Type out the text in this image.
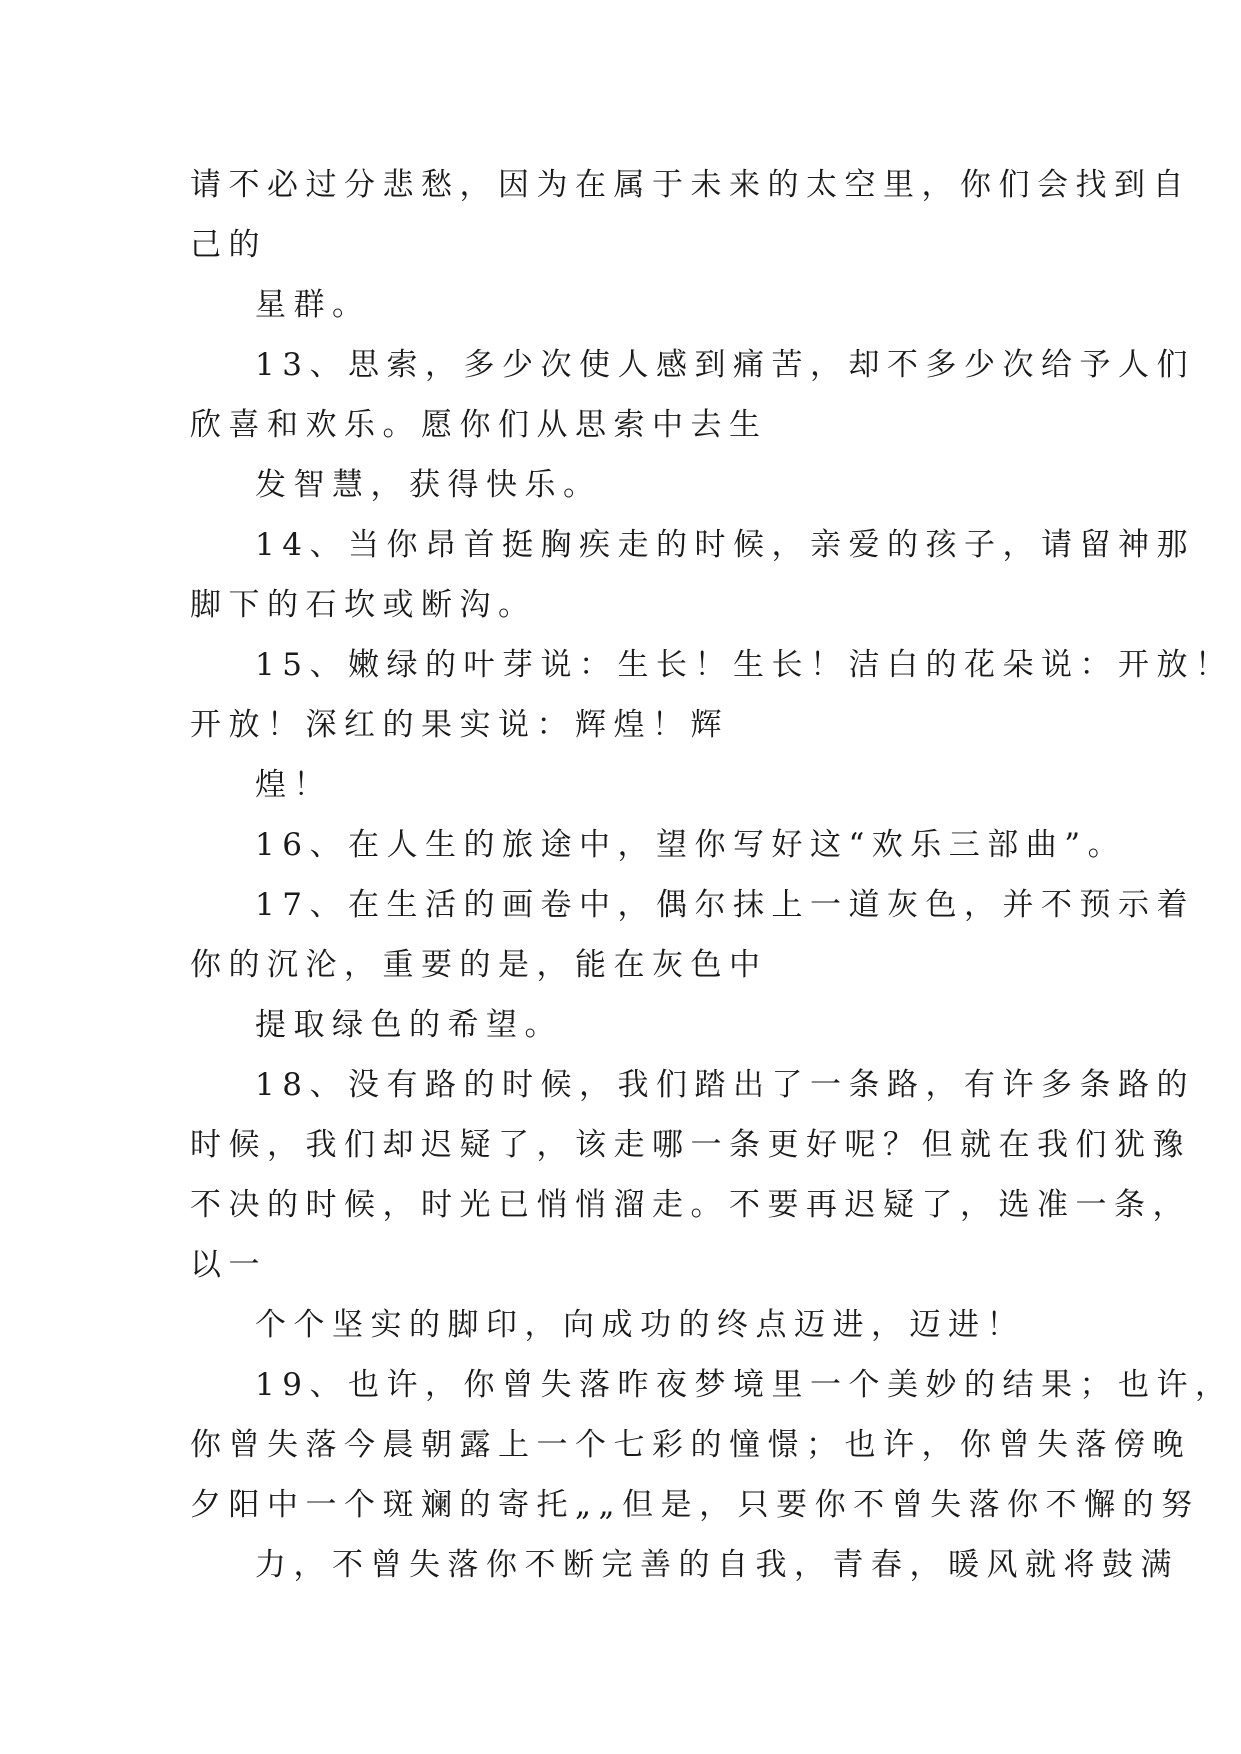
请不必过分悲愁，因为在属于未来的太空里，你们会找到自
己的
星群。
13、思索，多少次使人感到痛苦，却不多少次给予人们
欣喜和欢乐。愿你们从思索中去生
发智慧，获得快乐。
14、当你昂首挺胸疾走的时候，亲爱的孩子，请留神那
脚下的石坎或断沟。
15、嫩绿的叶芽说：生长！生长！洁白的花朵说：开放！
开放！深红的果实说：辉煌！辉
煌！
16、在人生的旅途中，望你写好这“欢乐三部曲”。
17、在生活的画卷中，偶尔抹上一道灰色，并不预示着
你的沉沦，重要的是，能在灰色中
提取绿色的希望。
18、没有路的时候，我们踏出了一条路，有许多条路的
时候，我们却迟疑了，该走哪一条更好呢？但就在我们犹豫
不决的时候，时光已悄悄溜走。不要再迟疑了，选准一条，
以一
个个坚实的脚印，向成功的终点迈进，迈进！
19、也许，你曾失落昨夜梦境里一个美妙的结果；也许，
你曾失落今晨朝露上一个七彩的憧憬；也许，你曾失落傍晚
夕阳中一个斑斓的寄托„„但是，只要你不曾失落你不懈的努
力，不曾失落你不断完善的自我，青春，暖风就将鼓满
